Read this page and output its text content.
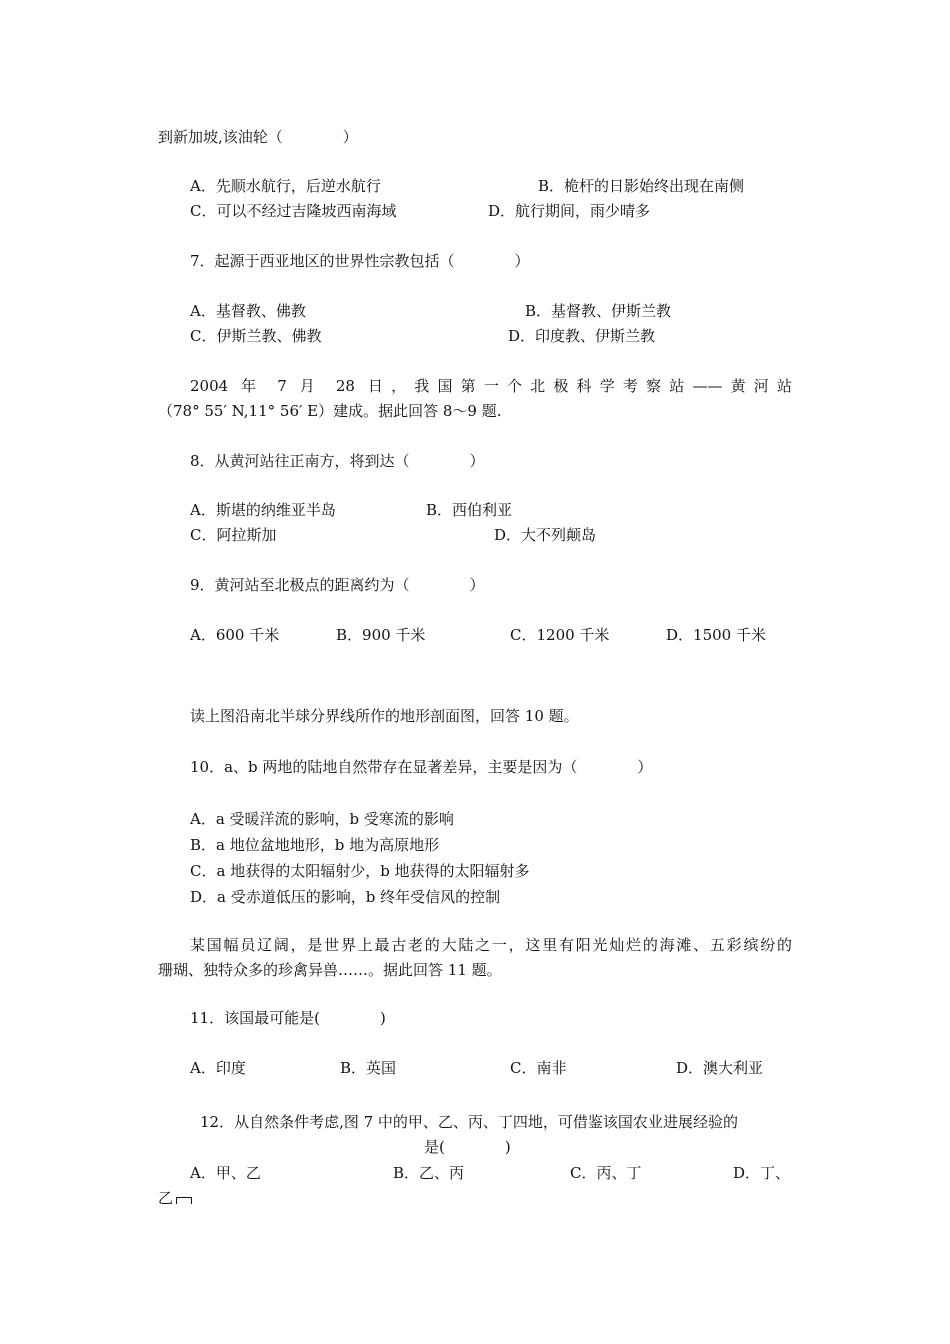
到新加坡,该油轮（　　　　）
A．先顺水航行，后逆水航行	B．桅杆的日影始终出现在南侧
C．可以不经过吉隆坡西南海域	D．航行期间，雨少晴多
7．起源于西亚地区的世界性宗教包括（　　　　）
A．基督教、佛教	B．基督教、伊斯兰教
C．伊斯兰教、佛教	D．印度教、伊斯兰教
2004 年 7 月 28 日，我国第一个北极科学考察站——黄河站
（78° 55′ N,11° 56′ E）建成。据此回答 8～9 题.
8．从黄河站往正南方，将到达（　　　　）
A．斯堪的纳维亚半岛	B．西伯利亚
C．阿拉斯加	D．大不列颠岛
9．黄河站至北极点的距离约为（　　　　）
A．600 千米	B．900 千米	C．1200 千米	D．1500 千米
读上图沿南北半球分界线所作的地形剖面图，回答 10 题。
10．a、b 两地的陆地自然带存在显著差异，主要是因为（　　　　）
A．a 受暖洋流的影响，b 受寒流的影响
B．a 地位盆地地形，b 地为高原地形
C．a 地获得的太阳辐射少，b 地获得的太阳辐射多
D．a 受赤道低压的影响，b 终年受信风的控制
某国幅员辽阔，是世界上最古老的大陆之一，这里有阳光灿烂的海滩、五彩缤纷的
珊瑚、独特众多的珍禽异兽……。据此回答 11 题。
11．该国最可能是(　　　　)
A．印度	B．英国	C．南非	D．澳大利亚
12．从自然条件考虑,图 7 中的甲、乙、丙、丁四地，可借鉴该国农业进展经验的
是(　　　　)
A．甲、乙	B．乙、丙	C．丙、丁	D．丁、
乙
